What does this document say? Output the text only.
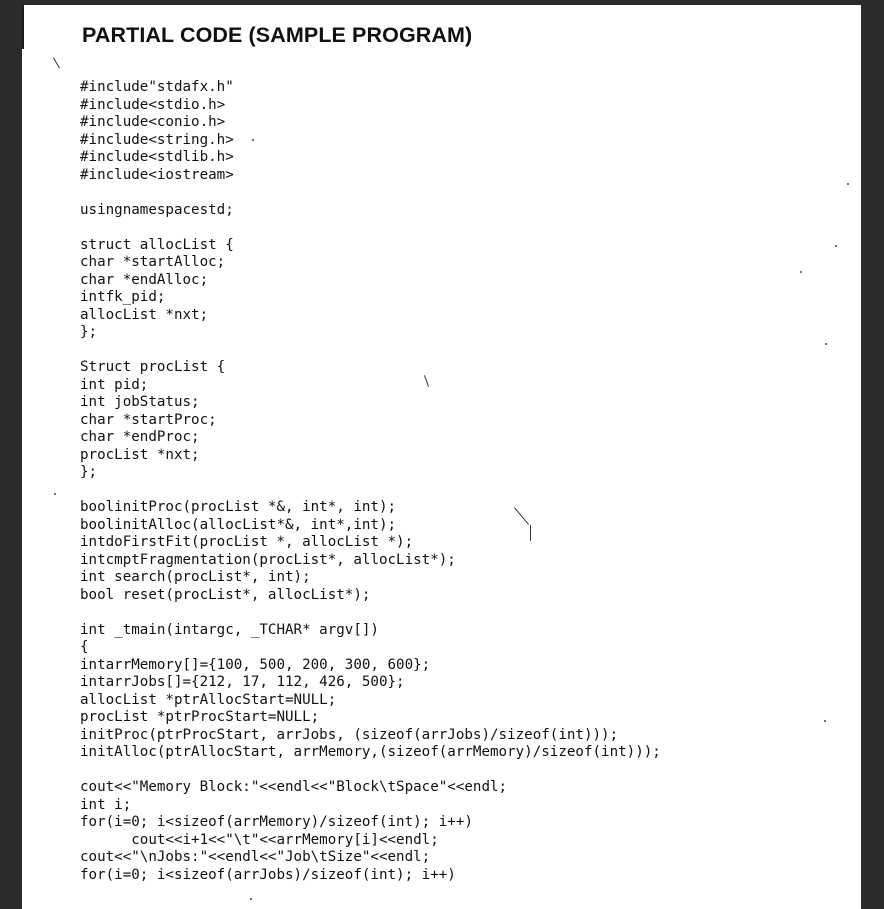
PARTIAL CODE (SAMPLE PROGRAM)
#include"stdafx.h"
#include<stdio.h>
#include<conio.h>
#include<string.h>
#include<stdlib.h>
#include<iostream>
usingnamespacestd;
struct allocList {
char *startAlloc;
char *endAlloc;
intfk_pid;
allocList *nxt;
};
Struct procList {
int pid;
int jobStatus;
char *startProc;
char *endProc;
procList *nxt;
};
boolinitProc(procList *&, int*, int);
boolinitAlloc(allocList*&, int*,int);
intdoFirstFit(procList *, allocList *);
intcmptFragmentation(procList*, allocList*);
int search(procList*, int);
bool reset(procList*, allocList*);
int _tmain(intargc, _TCHAR* argv[])
{
intarrMemory[]={100, 500, 200, 300, 600};
intarrJobs[]={212, 17, 112, 426, 500};
allocList *ptrAllocStart=NULL;
procList *ptrProcStart=NULL;
initProc(ptrProcStart, arrJobs, (sizeof(arrJobs)/sizeof(int)));
initAlloc(ptrAllocStart, arrMemory,(sizeof(arrMemory)/sizeof(int)));
cout<<"Memory Block:"<<endl<<"Block\tSpace"<<endl;
int i;
for(i=0; i<sizeof(arrMemory)/sizeof(int); i++)
cout<<i+1<<"\t"<<arrMemory[i]<<endl;
cout<<"\nJobs:"<<endl<<"Job\tSize"<<endl;
for(i=0; i<sizeof(arrJobs)/sizeof(int); i++)
